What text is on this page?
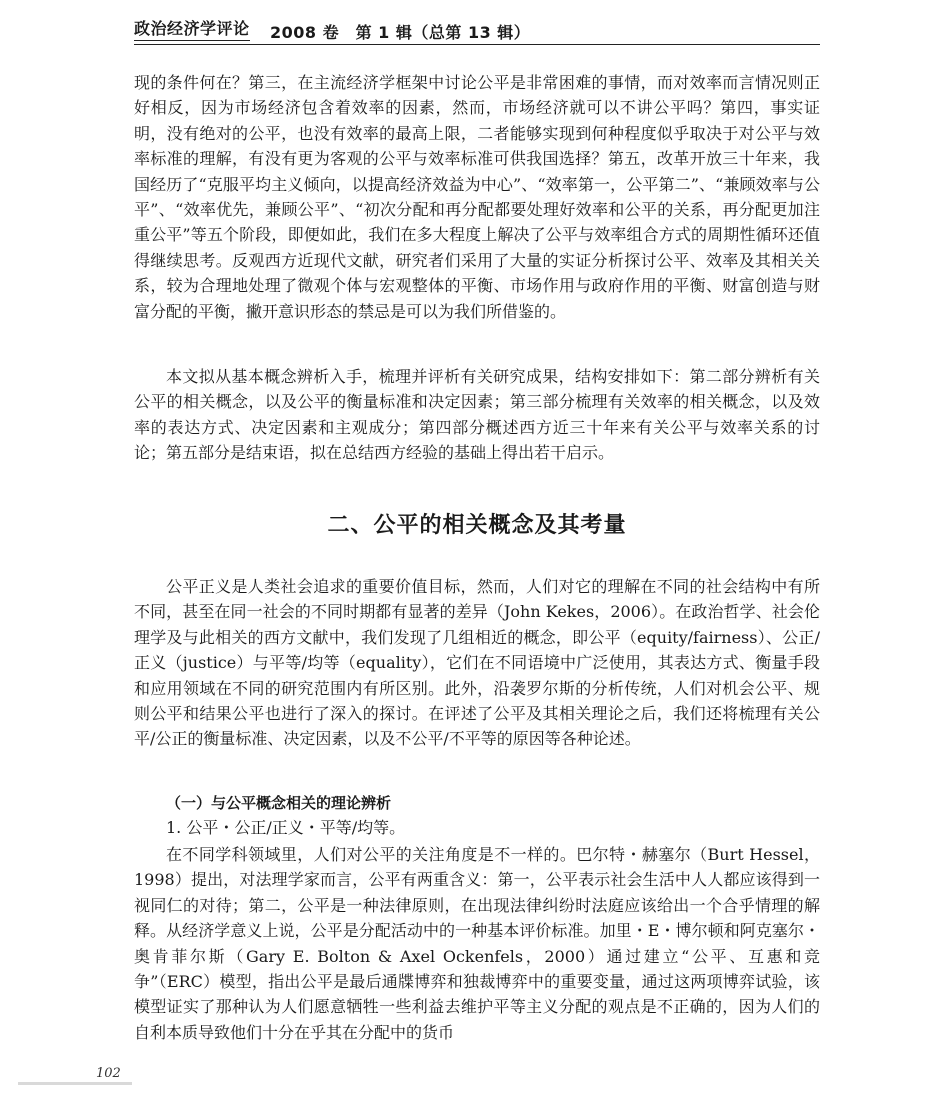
政治经济学评论 2008 卷　第 1 辑（总第 13 辑）

现的条件何在？第三，在主流经济学框架中讨论公平是非常困难的事情，而对效率而言情况则正好相反，因为市场经济包含着效率的因素，然而，市场经济就可以不讲公平吗？第四，事实证明，没有绝对的公平，也没有效率的最高上限，二者能够实现到何种程度似乎取决于对公平与效率标准的理解，有没有更为客观的公平与效率标准可供我国选择？第五，改革开放三十年来，我国经历了“克服平均主义倾向，以提高经济效益为中心”、“效率第一，公平第二”、“兼顾效率与公平”、“效率优先，兼顾公平”、“初次分配和再分配都要处理好效率和公平的关系，再分配更加注重公平”等五个阶段，即便如此，我们在多大程度上解决了公平与效率组合方式的周期性循环还值得继续思考。反观西方近现代文献，研究者们采用了大量的实证分析探讨公平、效率及其相关关系，较为合理地处理了微观个体与宏观整体的平衡、市场作用与政府作用的平衡、财富创造与财富分配的平衡，撇开意识形态的禁忌是可以为我们所借鉴的。

本文拟从基本概念辨析入手，梳理并评析有关研究成果，结构安排如下：第二部分辨析有关公平的相关概念，以及公平的衡量标准和决定因素；第三部分梳理有关效率的相关概念，以及效率的表达方式、决定因素和主观成分；第四部分概述西方近三十年来有关公平与效率关系的讨论；第五部分是结束语，拟在总结西方经验的基础上得出若干启示。

二、公平的相关概念及其考量

公平正义是人类社会追求的重要价值目标，然而，人们对它的理解在不同的社会结构中有所不同，甚至在同一社会的不同时期都有显著的差异（John Kekes，2006）。在政治哲学、社会伦理学及与此相关的西方文献中，我们发现了几组相近的概念，即公平（equity/fairness）、公正/正义（justice）与平等/均等（equality），它们在不同语境中广泛使用，其表达方式、衡量手段和应用领域在不同的研究范围内有所区别。此外，沿袭罗尔斯的分析传统，人们对机会公平、规则公平和结果公平也进行了深入的探讨。在评述了公平及其相关理论之后，我们还将梳理有关公平/公正的衡量标准、决定因素，以及不公平/不平等的原因等各种论述。

（一）与公平概念相关的理论辨析

1. 公平・公正/正义・平等/均等。

在不同学科领域里，人们对公平的关注角度是不一样的。巴尔特・赫塞尔（Burt Hessel，1998）提出，对法理学家而言，公平有两重含义：第一，公平表示社会生活中人人都应该得到一视同仁的对待；第二，公平是一种法律原则，在出现法律纠纷时法庭应该给出一个合乎情理的解释。从经济学意义上说，公平是分配活动中的一种基本评价标准。加里・E・博尔顿和阿克塞尔・奥肯菲尔斯（Gary E. Bolton & Axel Ockenfels，2000）通过建立“公平、互惠和竞争”（ERC）模型，指出公平是最后通牒博弈和独裁博弈中的重要变量，通过这两项博弈试验，该模型证实了那种认为人们愿意牺牲一些利益去维护平等主义分配的观点是不正确的，因为人们的自利本质导致他们十分在乎其在分配中的货币

102
